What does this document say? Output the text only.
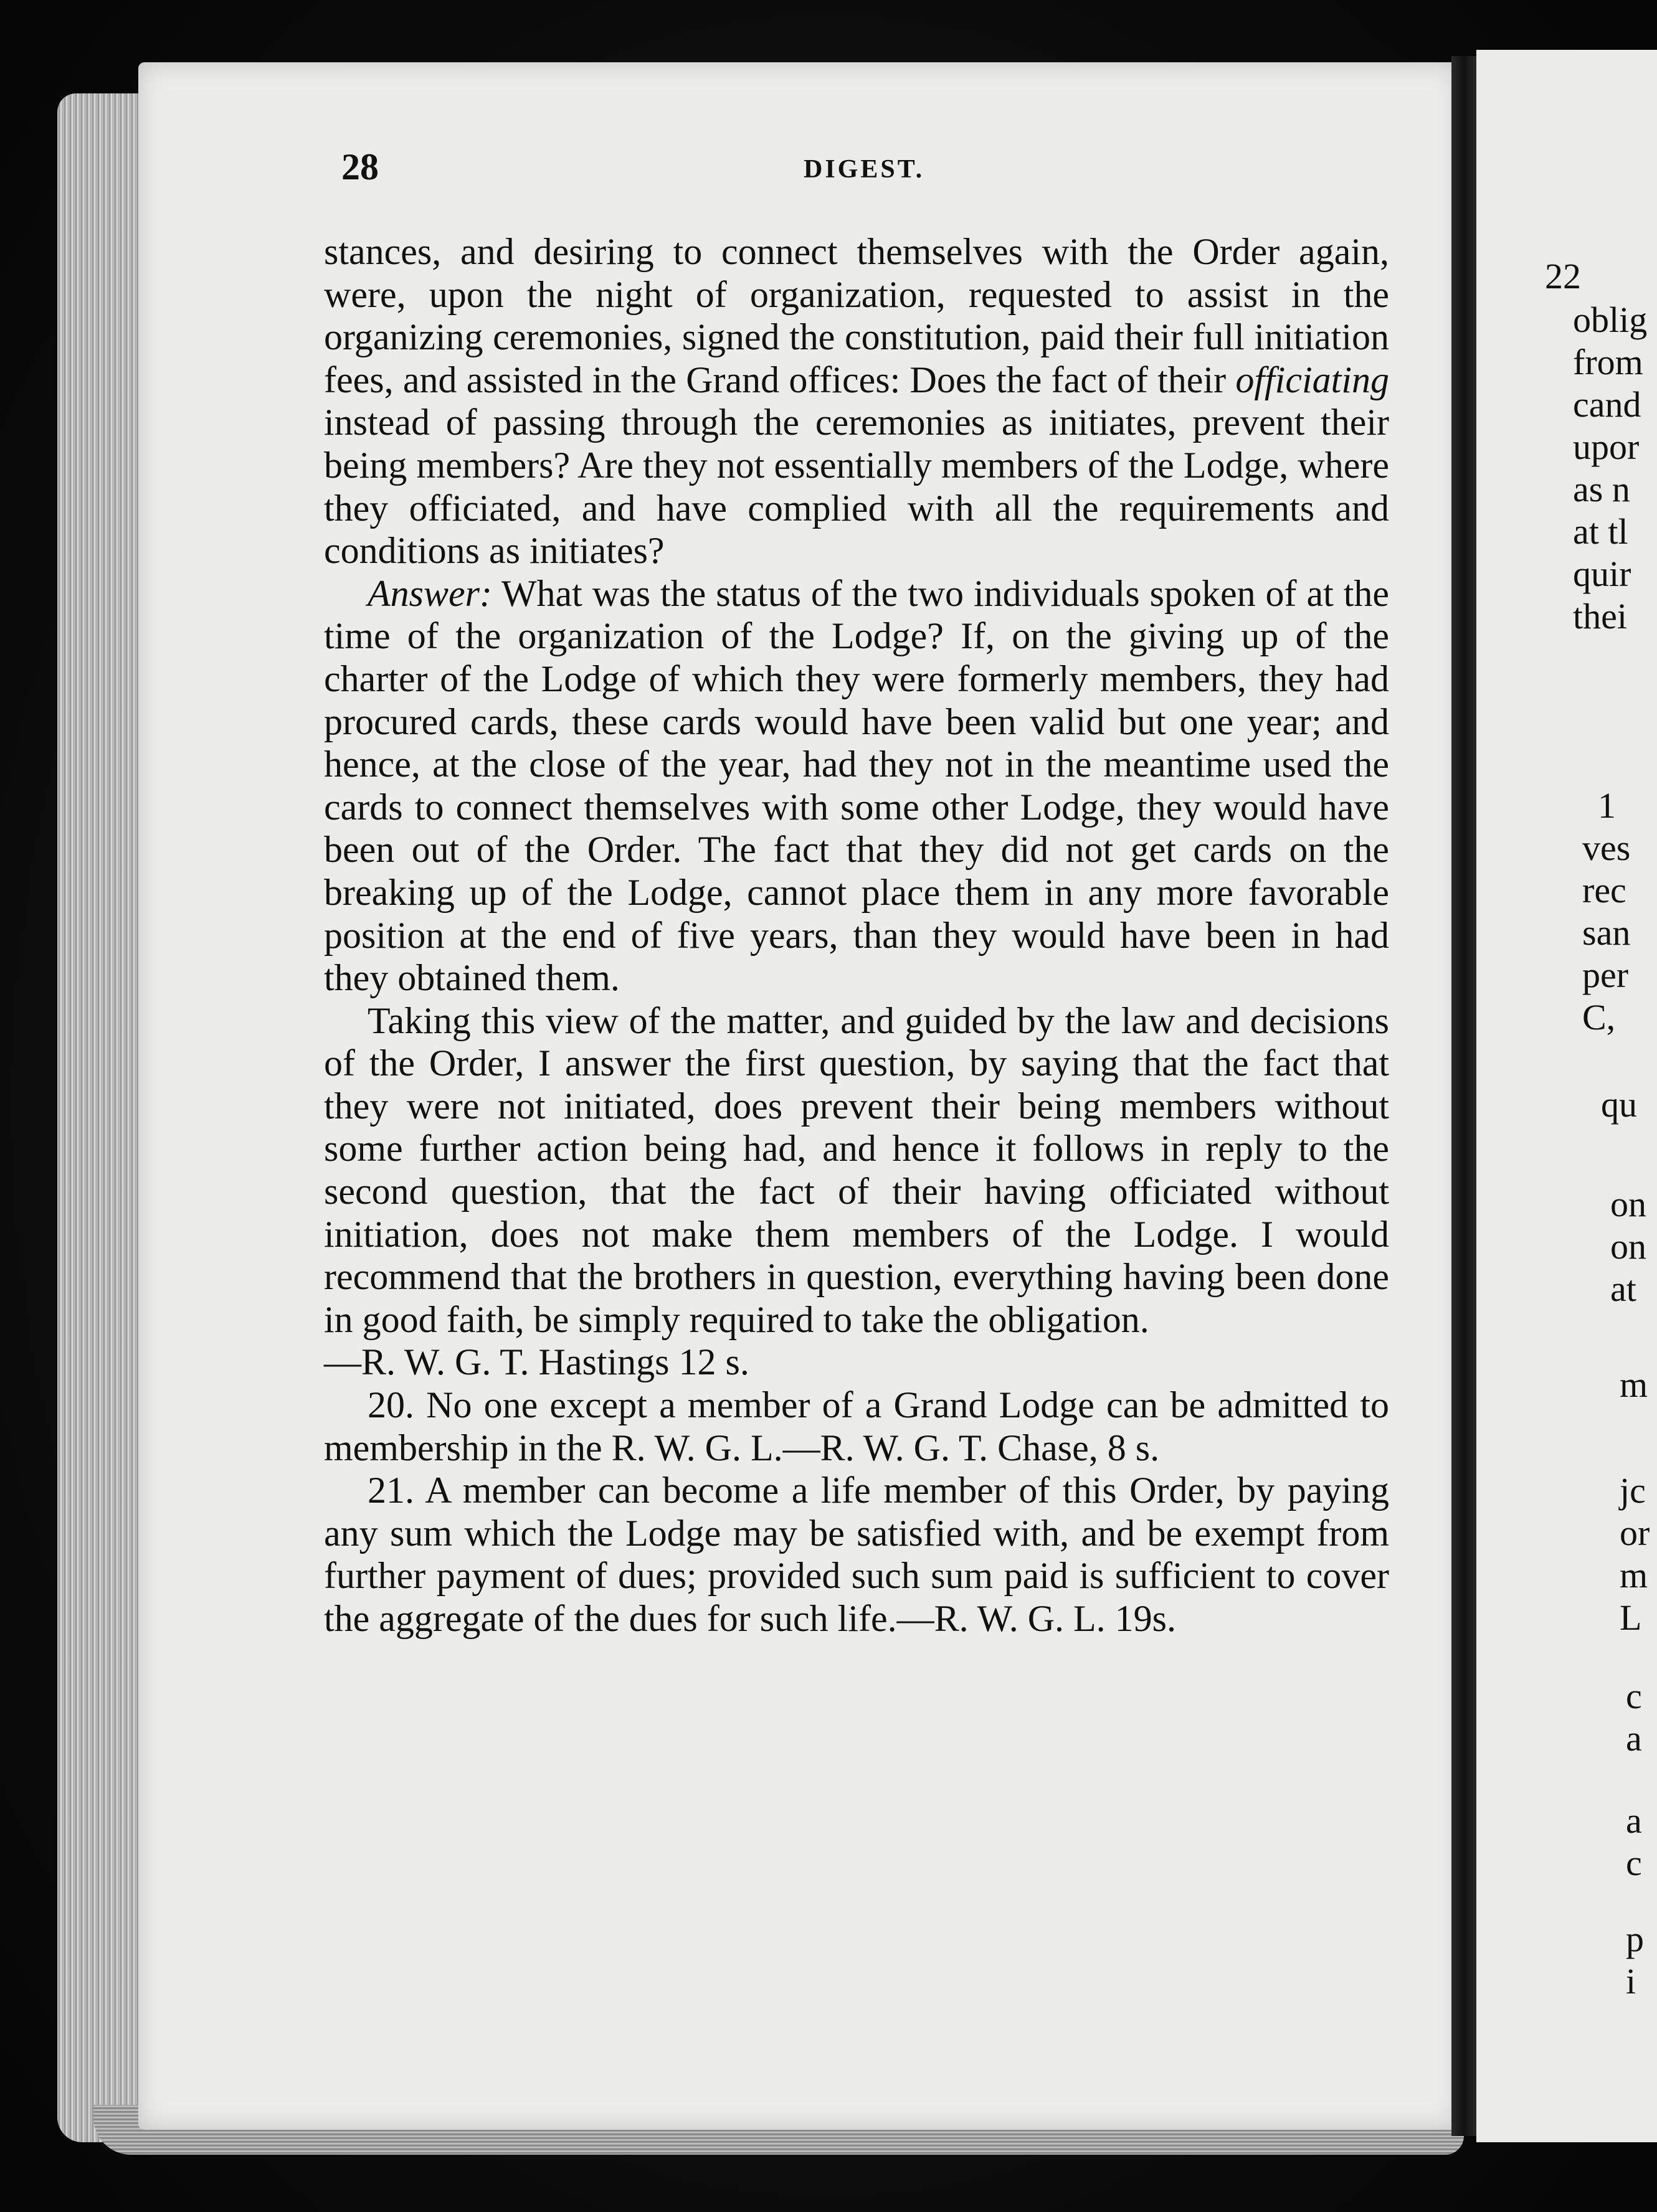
22
oblig
from
cand
upor
as n
at tl
quir
thei
1
ves
rec
san
per
C,
qu
on
on
at
m
jc
or
m
L
c
a
a
c
p
i
28	DIGEST.

stances, and desiring to connect themselves with the Order again, were, upon the night of organization, requested to assist in the organizing ceremonies, signed the constitution, paid their full initiation fees, and assisted in the Grand offices: Does the fact of their officiating instead of passing through the ceremonies as initiates, prevent their being members? Are they not essentially members of the Lodge, where they officiated, and have complied with all the requirements and conditions as initiates?

Answer: What was the status of the two individuals spoken of at the time of the organization of the Lodge? If, on the giving up of the charter of the Lodge of which they were formerly members, they had procured cards, these cards would have been valid but one year; and hence, at the close of the year, had they not in the meantime used the cards to connect themselves with some other Lodge, they would have been out of the Order. The fact that they did not get cards on the breaking up of the Lodge, cannot place them in any more favorable position at the end of five years, than they would have been in had they obtained them.

Taking this view of the matter, and guided by the law and decisions of the Order, I answer the first question, by saying that the fact that they were not initiated, does prevent their being members without some further action being had, and hence it follows in reply to the second question, that the fact of their having officiated without initiation, does not make them members of the Lodge. I would recommend that the brothers in question, everything having been done in good faith, be simply required to take the obligation.

—R. W. G. T. Hastings 12 s.

20. No one except a member of a Grand Lodge can be admitted to membership in the R. W. G. L.—R. W. G. T. Chase, 8 s.

21. A member can become a life member of this Order, by paying any sum which the Lodge may be satisfied with, and be exempt from further payment of dues; provided such sum paid is sufficient to cover the aggregate of the dues for such life.—R. W. G. L. 19s.
